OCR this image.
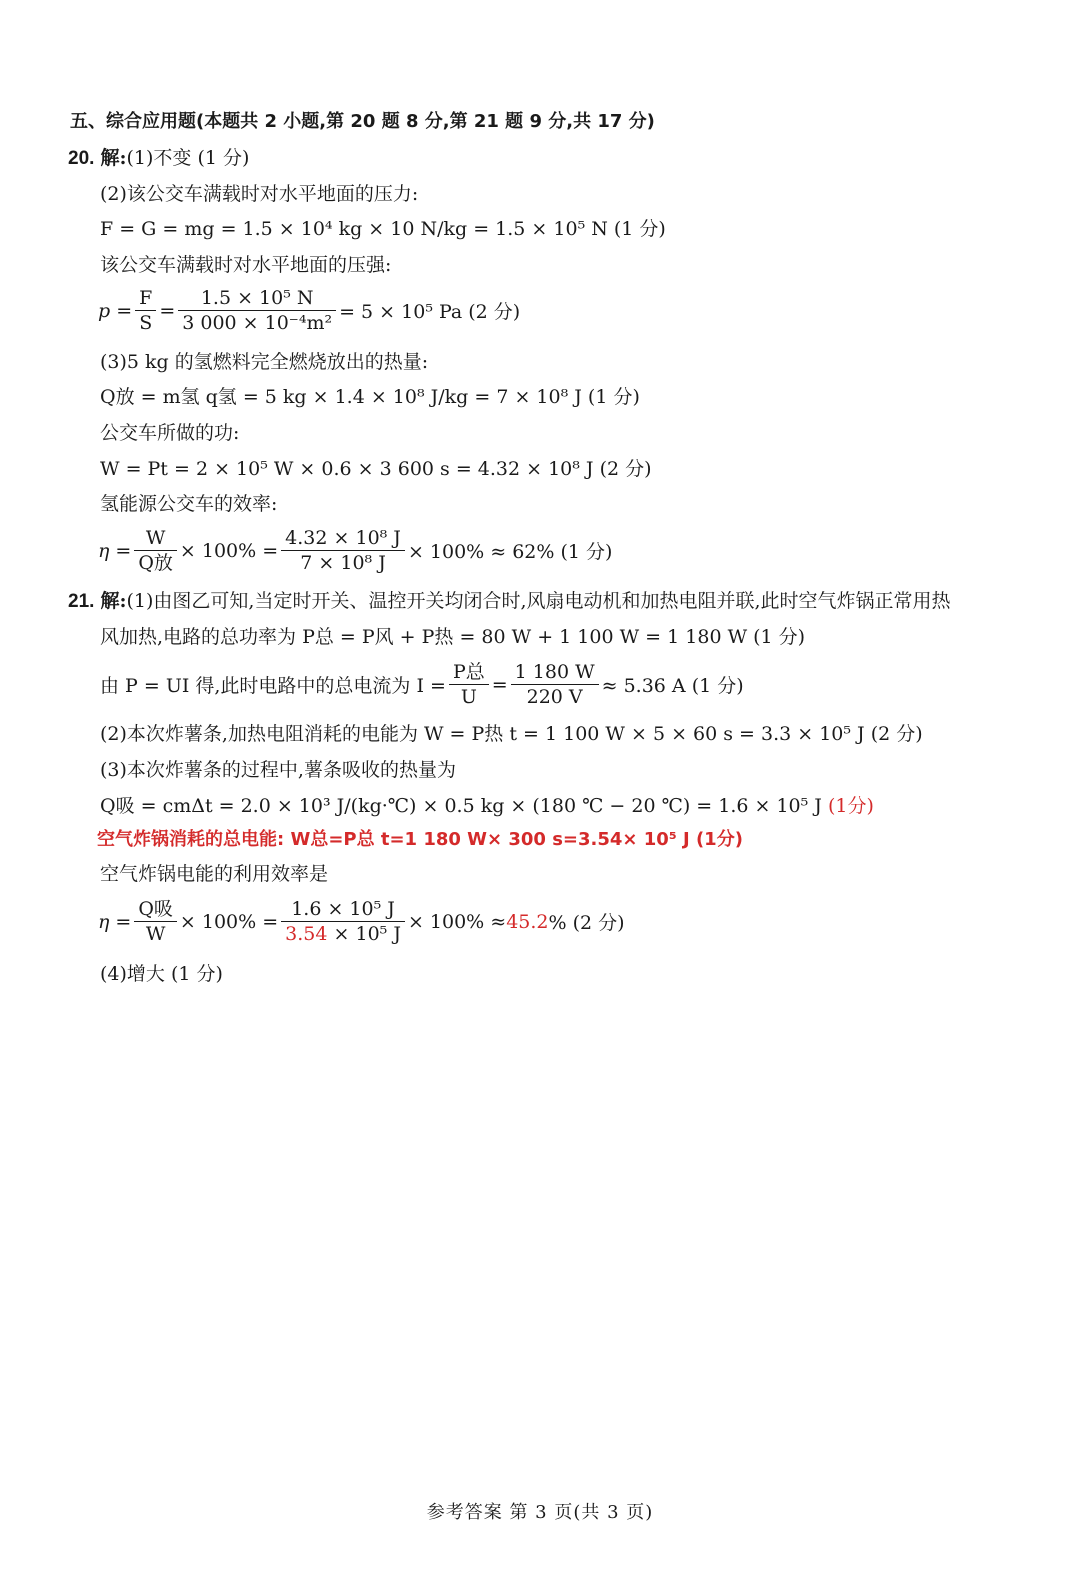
五、综合应用题(本题共 2 小题,第 20 题 8 分,第 21 题 9 分,共 17 分)
20. 解:(1)不变 (1 分)
(2)该公交车满载时对水平地面的压力:
F = G = mg = 1.5 × 10⁴ kg × 10 N/kg = 1.5 × 10⁵ N (1 分)
该公交车满载时对水平地面的压强:
$p = \frac{F}{S} = \frac{\text{1.5 × 10⁵ N}}{\text{3 000 × 10⁻⁴m²}} = 5 \times 10^5$ Pa (2 分)
(3)5 kg 的氢燃料完全燃烧放出的热量:
Q放 = m氢 q氢 = 5 kg × 1.4 × 10⁸ J/kg = 7 × 10⁸ J (1 分)
公交车所做的功:
W = Pt = 2 × 10⁵ W × 0.6 × 3 600 s = 4.32 × 10⁸ J (2 分)
氢能源公交车的效率:
$\eta = \frac{W}{\text{Q放}} \times 100\% = \frac{\text{4.32 × 10⁸ J}}{\text{7 × 10⁸ J}} \times 100\% \approx 62\%$ (1 分)
21. 解:(1)由图乙可知,当定时开关、温控开关均闭合时,风扇电动机和加热电阻并联,此时空气炸锅正常用热
风加热,电路的总功率为 P总 = P风 + P热 = 80 W + 1 100 W = 1 180 W (1 分)
由 P = UI 得,此时电路中的总电流为 $I = \frac{\text{P总}}{U} = \frac{1 180 W}{220 V} \approx 5.36$ A (1 分)
(2)本次炸薯条,加热电阻消耗的电能为 W = P热 t = 1 100 W × 5 × 60 s = 3.3 × 10⁵ J (2 分)
(3)本次炸薯条的过程中,薯条吸收的热量为
Q吸 = cmΔt = 2.0 × 10³ J/(kg·℃) × 0.5 kg × (180 ℃ − 20 ℃) = 1.6 × 10⁵ J (1分)
空气炸锅消耗的总电能: W总=P总 t=1 180 W× 300 s=3.54× 10⁵ J (1分)
空气炸锅电能的利用效率是
$\eta = \frac{\text{Q吸}}{W} \times 100\% = \frac{\text{1.6 × 10⁵ J}}{\text{3.54 × 10⁵ J}} \times 100\% \approx 45.2$ % (2 分)
(4)增大 (1 分)
参考答案 第 3 页(共 3 页)
